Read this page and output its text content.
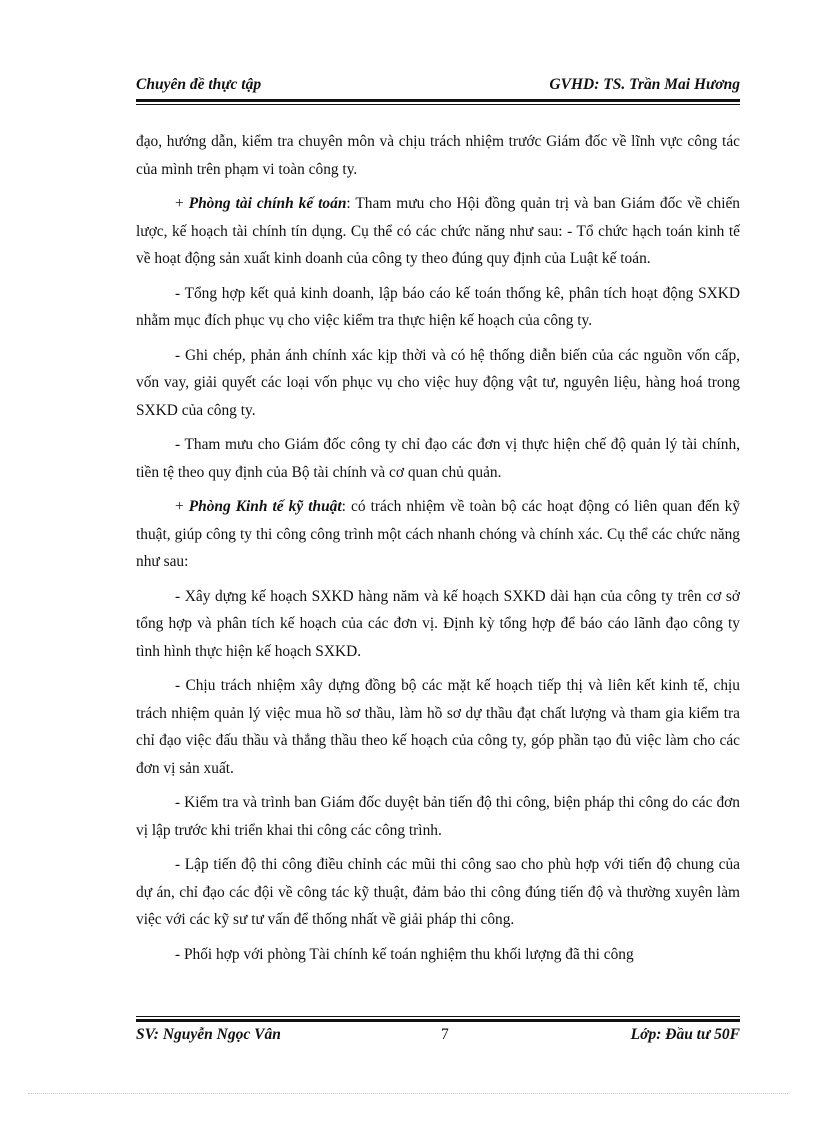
Chuyên đề thực tập	GVHD: TS. Trần Mai Hương

đạo, hướng dẫn, kiểm tra chuyên môn và chịu trách nhiệm trước Giám đốc về lĩnh vực công tác của mình trên phạm vi toàn công ty.

+ Phòng tài chính kế toán: Tham mưu cho Hội đồng quản trị và ban Giám đốc về chiến lược, kế hoạch tài chính tín dụng. Cụ thể có các chức năng như sau: - Tổ chức hạch toán kinh tế về hoạt động sản xuất kinh doanh của công ty theo đúng quy định của Luật kế toán.

- Tổng hợp kết quả kinh doanh, lập báo cáo kế toán thống kê, phân tích hoạt động SXKD nhằm mục đích phục vụ cho việc kiểm tra thực hiện kế hoạch của công ty.

- Ghi chép, phản ánh chính xác kịp thời và có hệ thống diễn biến của các nguồn vốn cấp, vốn vay, giải quyết các loại vốn phục vụ cho việc huy động vật tư, nguyên liệu, hàng hoá trong SXKD của công ty.

- Tham mưu cho Giám đốc công ty chỉ đạo các đơn vị thực hiện chế độ quản lý tài chính, tiền tệ theo quy định của Bộ tài chính và cơ quan chủ quản.

+ Phòng Kinh tế kỹ thuật: có trách nhiệm về toàn bộ các hoạt động có liên quan đến kỹ thuật, giúp công ty thi công công trình một cách nhanh chóng và chính xác. Cụ thể các chức năng như sau:

- Xây dựng kế hoạch SXKD hàng năm và kế hoạch SXKD dài hạn của công ty trên cơ sở tổng hợp và phân tích kế hoạch của các đơn vị. Định kỳ tổng hợp để báo cáo lãnh đạo công ty tình hình thực hiện kế hoạch SXKD.

- Chịu trách nhiệm xây dựng đồng bộ các mặt kế hoạch tiếp thị và liên kết kinh tế, chịu trách nhiệm quản lý việc mua hồ sơ thầu, làm hồ sơ dự thầu đạt chất lượng và tham gia kiểm tra chỉ đạo việc đấu thầu và thắng thầu theo kế hoạch của công ty, góp phần tạo đủ việc làm cho các đơn vị sản xuất.

- Kiểm tra và trình ban Giám đốc duyệt bản tiến độ thi công, biện pháp thi công do các đơn vị lập trước khi triển khai thi công các công trình.

- Lập tiến độ thi công điều chỉnh các mũi thi công sao cho phù hợp với tiến độ chung của dự án, chỉ đạo các đội về công tác kỹ thuật, đảm bảo thi công đúng tiến độ và thường xuyên làm việc với các kỹ sư tư vấn để thống nhất về giải pháp thi công.

- Phối hợp với phòng Tài chính kế toán nghiệm thu khối lượng đã thi công

SV: Nguyễn Ngọc Vân	7	Lớp: Đầu tư 50F
